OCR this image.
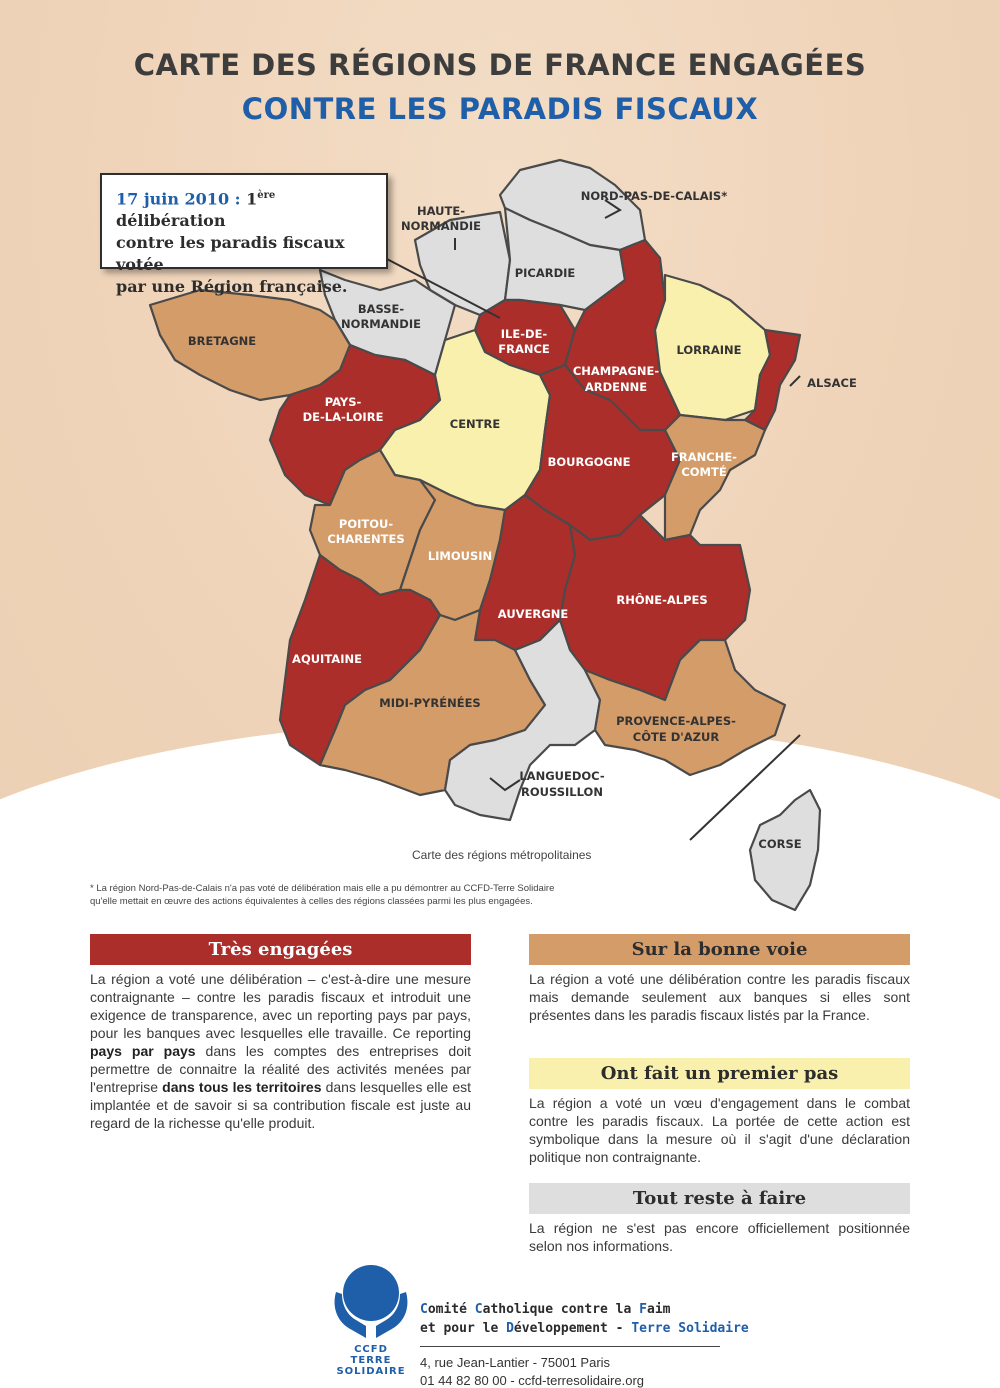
CARTE DES RÉGIONS DE FRANCE ENGAGÉES
CONTRE LES PARADIS FISCAUX
NORD-PAS-DE-CALAIS*
HAUTE-
NORMANDIE
PICARDIE
BASSE-
NORMANDIE
ILE-DE-
FRANCE
CHAMPAGNE-
ARDENNE
LORRAINE
ALSACE
BRETAGNE
PAYS-
DE-LA-LOIRE	CENTRE
BOURGOGNE	FRANCHE-
COMTÉ
POITOU-
CHARENTES
LIMOUSIN
AUVERGNE
RHÔNE-ALPES
AQUITAINE
MIDI-PYRÉNÉES
PROVENCE-ALPES-
CÔTE D'AZUR
LANGUEDOC-
ROUSSILLON
CORSE
17 juin 2010 : 1ère délibération
contre les paradis fiscaux votée
par une Région française.
Carte des régions métropolitaines
* La région Nord-Pas-de-Calais n'a pas voté de délibération mais elle a pu démontrer au CCFD-Terre Solidaire
qu'elle mettait en œuvre des actions équivalentes à celles des régions classées parmi les plus engagées.
Très engagées

La région a voté une délibération – c'est-à-dire une mesure contraignante – contre les paradis fiscaux et introduit une exigence de transparence, avec un reporting pays par pays, pour les banques avec lesquelles elle travaille. Ce reporting pays par pays dans les comptes des entreprises doit permettre de connaitre la réalité des activités menées par l'entreprise dans tous les territoires dans lesquelles elle est implantée et de savoir si sa contribution fiscale est juste au regard de la richesse qu'elle produit.

Sur la bonne voie

La région a voté une délibération contre les paradis fiscaux mais demande seulement aux banques si elles sont présentes dans les paradis fiscaux listés par la France.

Ont fait un premier pas

La région a voté un vœu d'engagement dans le combat contre les paradis fiscaux. La portée de cette action est symbolique dans la mesure où il s'agit d'une déclaration politique non contraignante.

Tout reste à faire

La région ne s'est pas encore officiellement positionnée selon nos informations.

CCFD
TERRE
SOLIDAIRE
Comité Catholique contre la Faim
et pour le Développement - Terre Solidaire
4, rue Jean-Lantier - 75001 Paris
01 44 82 80 00 - ccfd-terresolidaire.org
